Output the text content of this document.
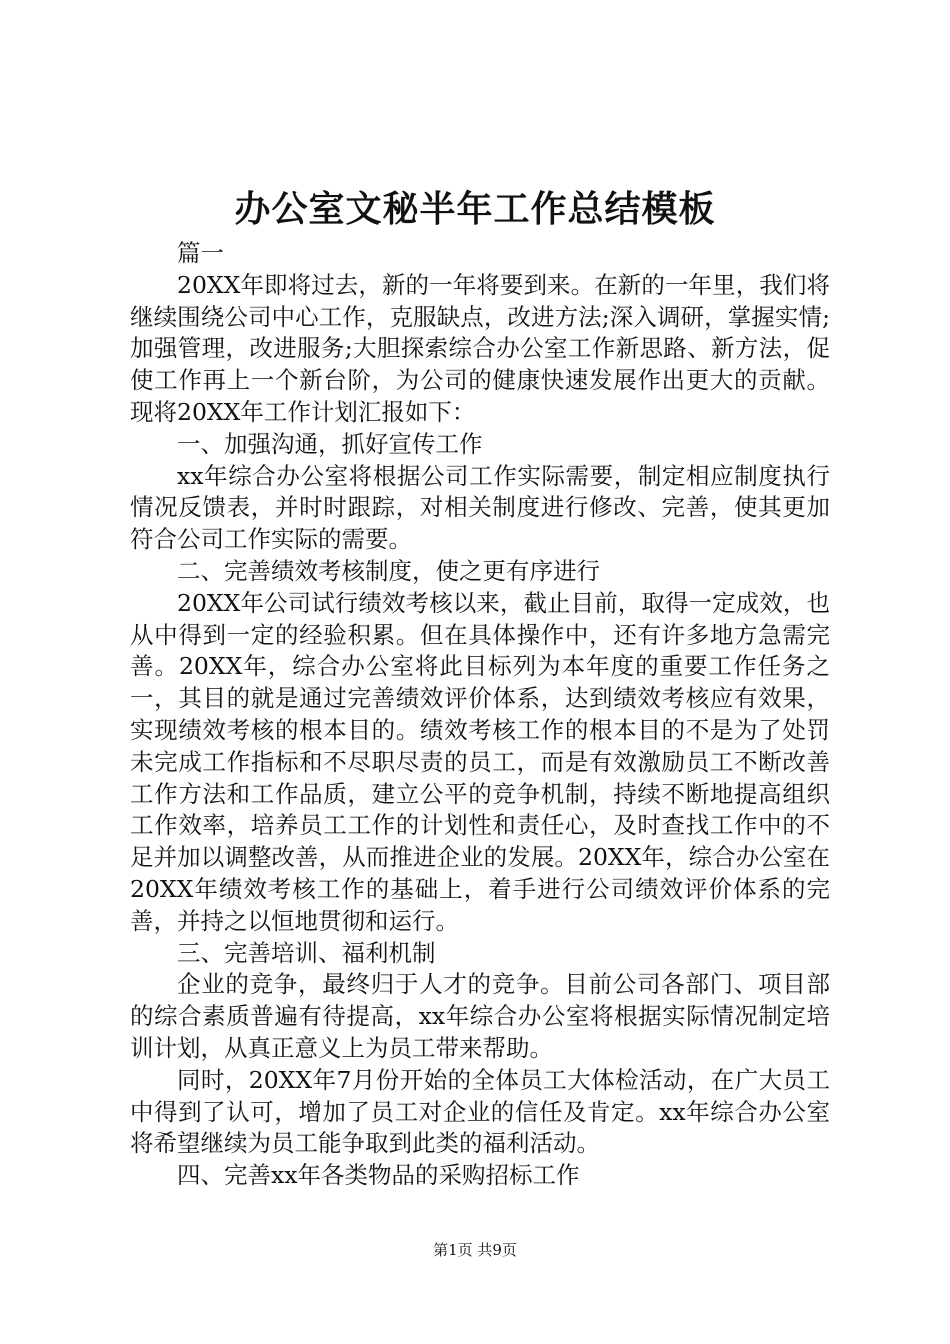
办公室文秘半年工作总结模板

篇一

20XX年即将过去，新的一年将要到来。在新的一年里，我们将继续围绕公司中心工作，克服缺点，改进方法;深入调研，掌握实情;加强管理，改进服务;大胆探索综合办公室工作新思路、新方法，促使工作再上一个新台阶，为公司的健康快速发展作出更大的贡献。现将20XX年工作计划汇报如下：

一、加强沟通，抓好宣传工作

xx年综合办公室将根据公司工作实际需要，制定相应制度执行情况反馈表，并时时跟踪，对相关制度进行修改、完善，使其更加符合公司工作实际的需要。

二、完善绩效考核制度，使之更有序进行

20XX年公司试行绩效考核以来，截止目前，取得一定成效，也从中得到一定的经验积累。但在具体操作中，还有许多地方急需完善。20XX年，综合办公室将此目标列为本年度的重要工作任务之一，其目的就是通过完善绩效评价体系，达到绩效考核应有效果，实现绩效考核的根本目的。绩效考核工作的根本目的不是为了处罚未完成工作指标和不尽职尽责的员工，而是有效激励员工不断改善工作方法和工作品质，建立公平的竞争机制，持续不断地提高组织工作效率，培养员工工作的计划性和责任心，及时查找工作中的不足并加以调整改善，从而推进企业的发展。20XX年，综合办公室在20XX年绩效考核工作的基础上，着手进行公司绩效评价体系的完善，并持之以恒地贯彻和运行。

三、完善培训、福利机制

企业的竞争，最终归于人才的竞争。目前公司各部门、项目部的综合素质普遍有待提高，xx年综合办公室将根据实际情况制定培训计划，从真正意义上为员工带来帮助。

同时，20XX年7月份开始的全体员工大体检活动，在广大员工中得到了认可，增加了员工对企业的信任及肯定。xx年综合办公室将希望继续为员工能争取到此类的福利活动。

四、完善xx年各类物品的采购招标工作

第1页 共9页
